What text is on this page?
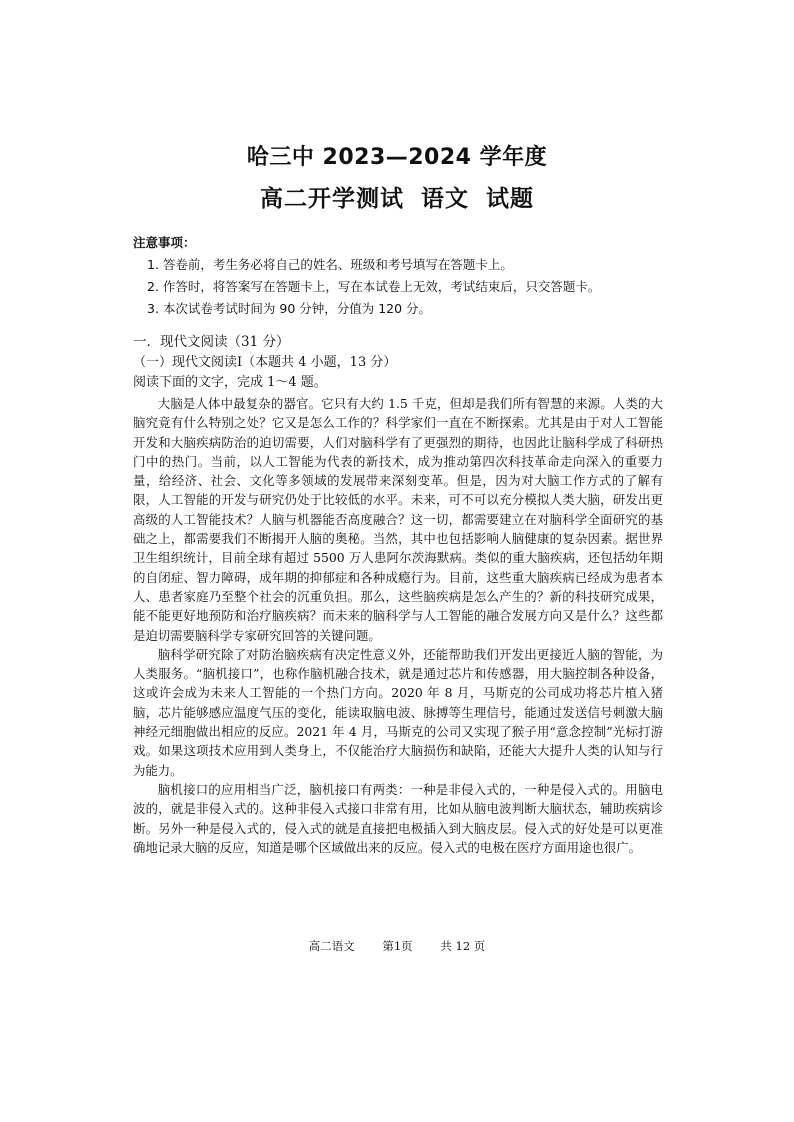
哈三中 2023—2024 学年度
高二开学测试 语文 试题
注意事项：
1. 答卷前，考生务必将自己的姓名、班级和考号填写在答题卡上。
2. 作答时，将答案写在答题卡上，写在本试卷上无效，考试结束后，只交答题卡。
3. 本次试卷考试时间为 90 分钟，分值为 120 分。
一．现代文阅读（31 分）
（一）现代文阅读Ⅰ（本题共 4 小题，13 分）
阅读下面的文字，完成 1～4 题。

大脑是人体中最复杂的器官。它只有大约 1.5 千克，但却是我们所有智慧的来源。人类的大脑究竟有什么特别之处？它又是怎么工作的？科学家们一直在不断探索。尤其是由于对人工智能开发和大脑疾病防治的迫切需要，人们对脑科学有了更强烈的期待，也因此让脑科学成了科研热门中的热门。当前，以人工智能为代表的新技术，成为推动第四次科技革命走向深入的重要力量，给经济、社会、文化等多领域的发展带来深刻变革。但是，因为对大脑工作方式的了解有限，人工智能的开发与研究仍处于比较低的水平。未来，可不可以充分模拟人类大脑，研发出更高级的人工智能技术？人脑与机器能否高度融合？这一切，都需要建立在对脑科学全面研究的基础之上，都需要我们不断揭开人脑的奥秘。当然，其中也包括影响人脑健康的复杂因素。据世界卫生组织统计，目前全球有超过 5500 万人患阿尔茨海默病。类似的重大脑疾病，还包括幼年期的自闭症、智力障碍，成年期的抑郁症和各种成瘾行为。目前，这些重大脑疾病已经成为患者本人、患者家庭乃至整个社会的沉重负担。那么，这些脑疾病是怎么产生的？新的科技研究成果，能不能更好地预防和治疗脑疾病？而未来的脑科学与人工智能的融合发展方向又是什么？这些都是迫切需要脑科学专家研究回答的关键问题。

脑科学研究除了对防治脑疾病有决定性意义外，还能帮助我们开发出更接近人脑的智能，为人类服务。“脑机接口”，也称作脑机融合技术，就是通过芯片和传感器，用大脑控制各种设备，这或许会成为未来人工智能的一个热门方向。2020 年 8 月，马斯克的公司成功将芯片植入猪脑，芯片能够感应温度气压的变化，能读取脑电波、脉搏等生理信号，能通过发送信号刺激大脑神经元细胞做出相应的反应。2021 年 4 月，马斯克的公司又实现了猴子用“意念控制”光标打游戏。如果这项技术应用到人类身上，不仅能治疗大脑损伤和缺陷，还能大大提升人类的认知与行为能力。

脑机接口的应用相当广泛，脑机接口有两类：一种是非侵入式的，一种是侵入式的。用脑电波的，就是非侵入式的。这种非侵入式接口非常有用，比如从脑电波判断大脑状态，辅助疾病诊断。另外一种是侵入式的，侵入式的就是直接把电极插入到大脑皮层。侵入式的好处是可以更准确地记录大脑的反应，知道是哪个区域做出来的反应。侵入式的电极在医疗方面用途也很广。

高二语文 第1页 共 12 页
